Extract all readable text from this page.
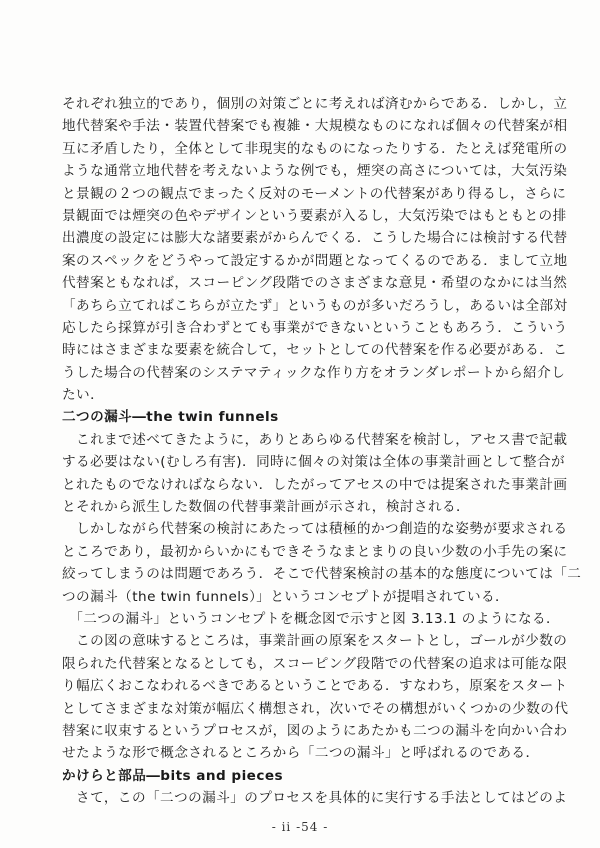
それぞれ独立的であり，個別の対策ごとに考えれば済むからである．しかし，立
地代替案や手法・装置代替案でも複雑・大規模なものになれば個々の代替案が相
互に矛盾したり，全体として非現実的なものになったりする．たとえば発電所の
ような通常立地代替を考えないような例でも，煙突の高さについては，大気汚染
と景観の２つの観点でまったく反対のモーメントの代替案があり得るし，さらに
景観面では煙突の色やデザインという要素が入るし，大気汚染ではもともとの排
出濃度の設定には膨大な諸要素がからんでくる．こうした場合には検討する代替
案のスペックをどうやって設定するかが問題となってくるのである．まして立地
代替案ともなれば，スコーピング段階でのさまざまな意見・希望のなかには当然
「あちら立てればこちらが立たず」というものが多いだろうし，あるいは全部対
応したら採算が引き合わずとても事業ができないということもあろう．こういう
時にはさまざまな要素を統合して，セットとしての代替案を作る必要がある．こ
うした場合の代替案のシステマティックな作り方をオランダレポートから紹介し
たい．
二つの漏斗―the twin funnels
　これまで述べてきたように，ありとあらゆる代替案を検討し，アセス書で記載
する必要はない(むしろ有害)．同時に個々の対策は全体の事業計画として整合が
とれたものでなければならない．したがってアセスの中では提案された事業計画
とそれから派生した数個の代替事業計画が示され，検討される．
　しかしながら代替案の検討にあたっては積極的かつ創造的な姿勢が要求される
ところであり，最初からいかにもできそうなまとまりの良い少数の小手先の案に
絞ってしまうのは問題であろう．そこで代替案検討の基本的な態度については「二
つの漏斗（the twin funnels）」というコンセプトが提唱されている．
　「二つの漏斗」というコンセプトを概念図で示すと図 3.13.1 のようになる．
　この図の意味するところは，事業計画の原案をスタートとし，ゴールが少数の
限られた代替案となるとしても，スコーピング段階での代替案の追求は可能な限
り幅広くおこなわれるべきであるということである．すなわち，原案をスタート
としてさまざまな対策が幅広く構想され，次いでその構想がいくつかの少数の代
替案に収束するというプロセスが，図のようにあたかも二つの漏斗を向かい合わ
せたような形で概念されるところから「二つの漏斗」と呼ばれるのである．
かけらと部品―bits and pieces
　さて，この「二つの漏斗」のプロセスを具体的に実行する手法としてはどのよ
- ii -54 -
